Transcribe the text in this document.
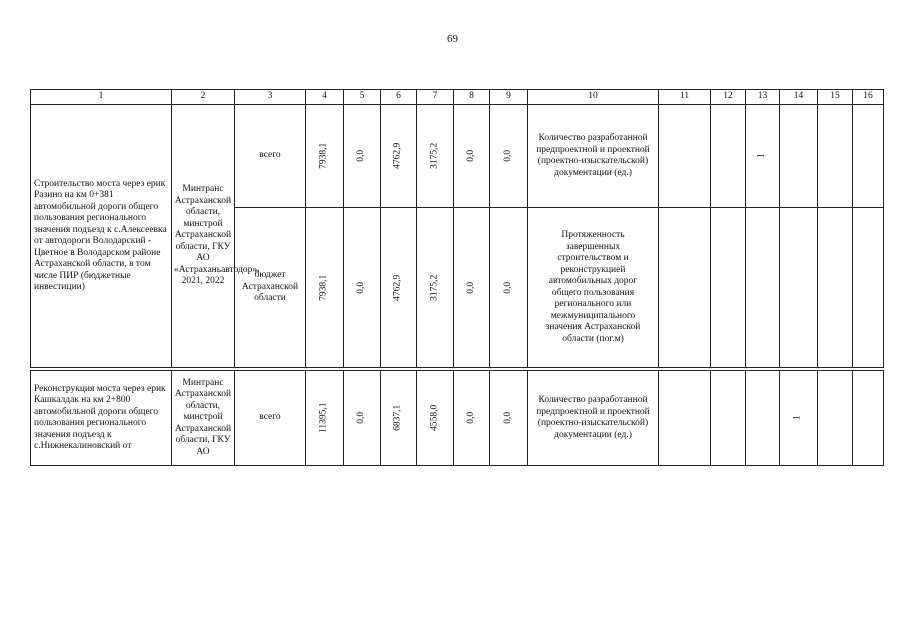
69
1	2	3	4	5	6	7	8	9	10	11	12	13	14	15	16
Строительство моста через ерик Разино на км 0+381 автомобильной дороги общего пользования регионального значения подъезд к с.Алексеевка от автодороги Володарский - Цветное в Володарском районе Астраханской области, в том числе ПИР (бюджетные инвестиции)	Минтранс Астраханской области, минстрой Астраханской области, ГКУ АО «Астраханьавтодор», 2021, 2022	всего	7938,1	0,0	4762,9	3175,2	0,0	0,0	Количество разработанной предпроектной и проектной (проектно-изыскательской) документации (ед.)			1			
		бюджет Астраханской области	7938,1	0,0	4762,9	3175,2	0,0	0,0	Протяженность завершенных строительством и реконструкцией автомобильных дорог общего пользования регионального или межмуниципального значения Астраханской области (пог.м)						

Реконструкция моста через ерик Кашкалдак на км 2+800 автомобильной дороги общего пользования регионального значения подъезд к с.Нижнекалиновский от	Минтранс Астраханской области, минстрой Астраханской области, ГКУ АО	всего	11395,1	0,0	6837,1	4558,0	0,0	0,0	Количество разработанной предпроектной и проектной (проектно-изыскательской) документации (ед.)				1		
